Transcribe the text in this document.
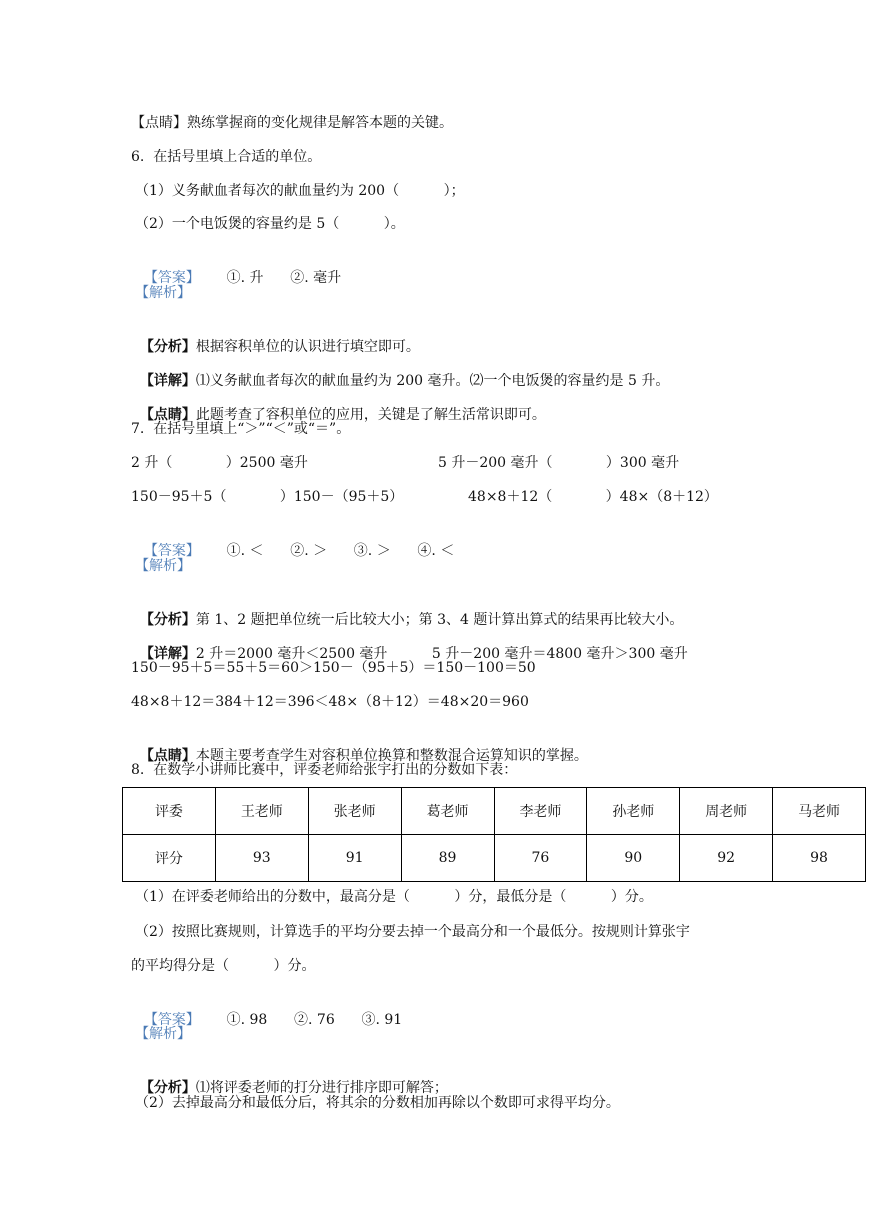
【点睛】熟练掌握商的变化规律是解答本题的关键。
6.  在括号里填上合适的单位。
（1）义务献血者每次的献血量约为 200（          ）；
（2）一个电饭煲的容量约是 5（          ）。

【答案】 ①. 升      ②. 毫升

【解析】

【分析】根据容积单位的认识进行填空即可。

【详解】⑴义务献血者每次的献血量约为 200 毫升。⑵一个电饭煲的容量约是 5 升。

【点睛】此题考查了容积单位的应用，关键是了解生活常识即可。

7.  在括号里填上“＞”“＜”或“＝”。
2 升（            ）2500 毫升	5 升－200 毫升（            ）300 毫升
150－95＋5（            ）150－（95＋5）	48×8＋12（            ）48×（8＋12）

【答案】 ①. ＜      ②. ＞      ③. ＞      ④. ＜

【解析】

【分析】第 1、2 题把单位统一后比较大小；第 3、4 题计算出算式的结果再比较大小。

【详解】2 升＝2000 毫升＜2500 毫升          5 升－200 毫升＝4800 毫升＞300 毫升

150－95＋5＝55＋5＝60＞150－（95＋5）＝150－100＝50
48×8＋12＝384＋12＝396＜48×（8＋12）＝48×20＝960

【点睛】本题主要考查学生对容积单位换算和整数混合运算知识的掌握。

8.  在数学小讲师比赛中，评委老师给张宇打出的分数如下表：
评委	王老师	张老师	葛老师	李老师	孙老师	周老师	马老师
评分	93	91	89	76	90	92	98
（1）在评委老师给出的分数中，最高分是（          ）分，最低分是（          ）分。
（2）按照比赛规则，计算选手的平均分要去掉一个最高分和一个最低分。按规则计算张宇
的平均得分是（          ）分。

【答案】 ①. 98      ②. 76      ③. 91

【解析】

【分析】⑴将评委老师的打分进行排序即可解答；

（2）去掉最高分和最低分后，将其余的分数相加再除以个数即可求得平均分。
